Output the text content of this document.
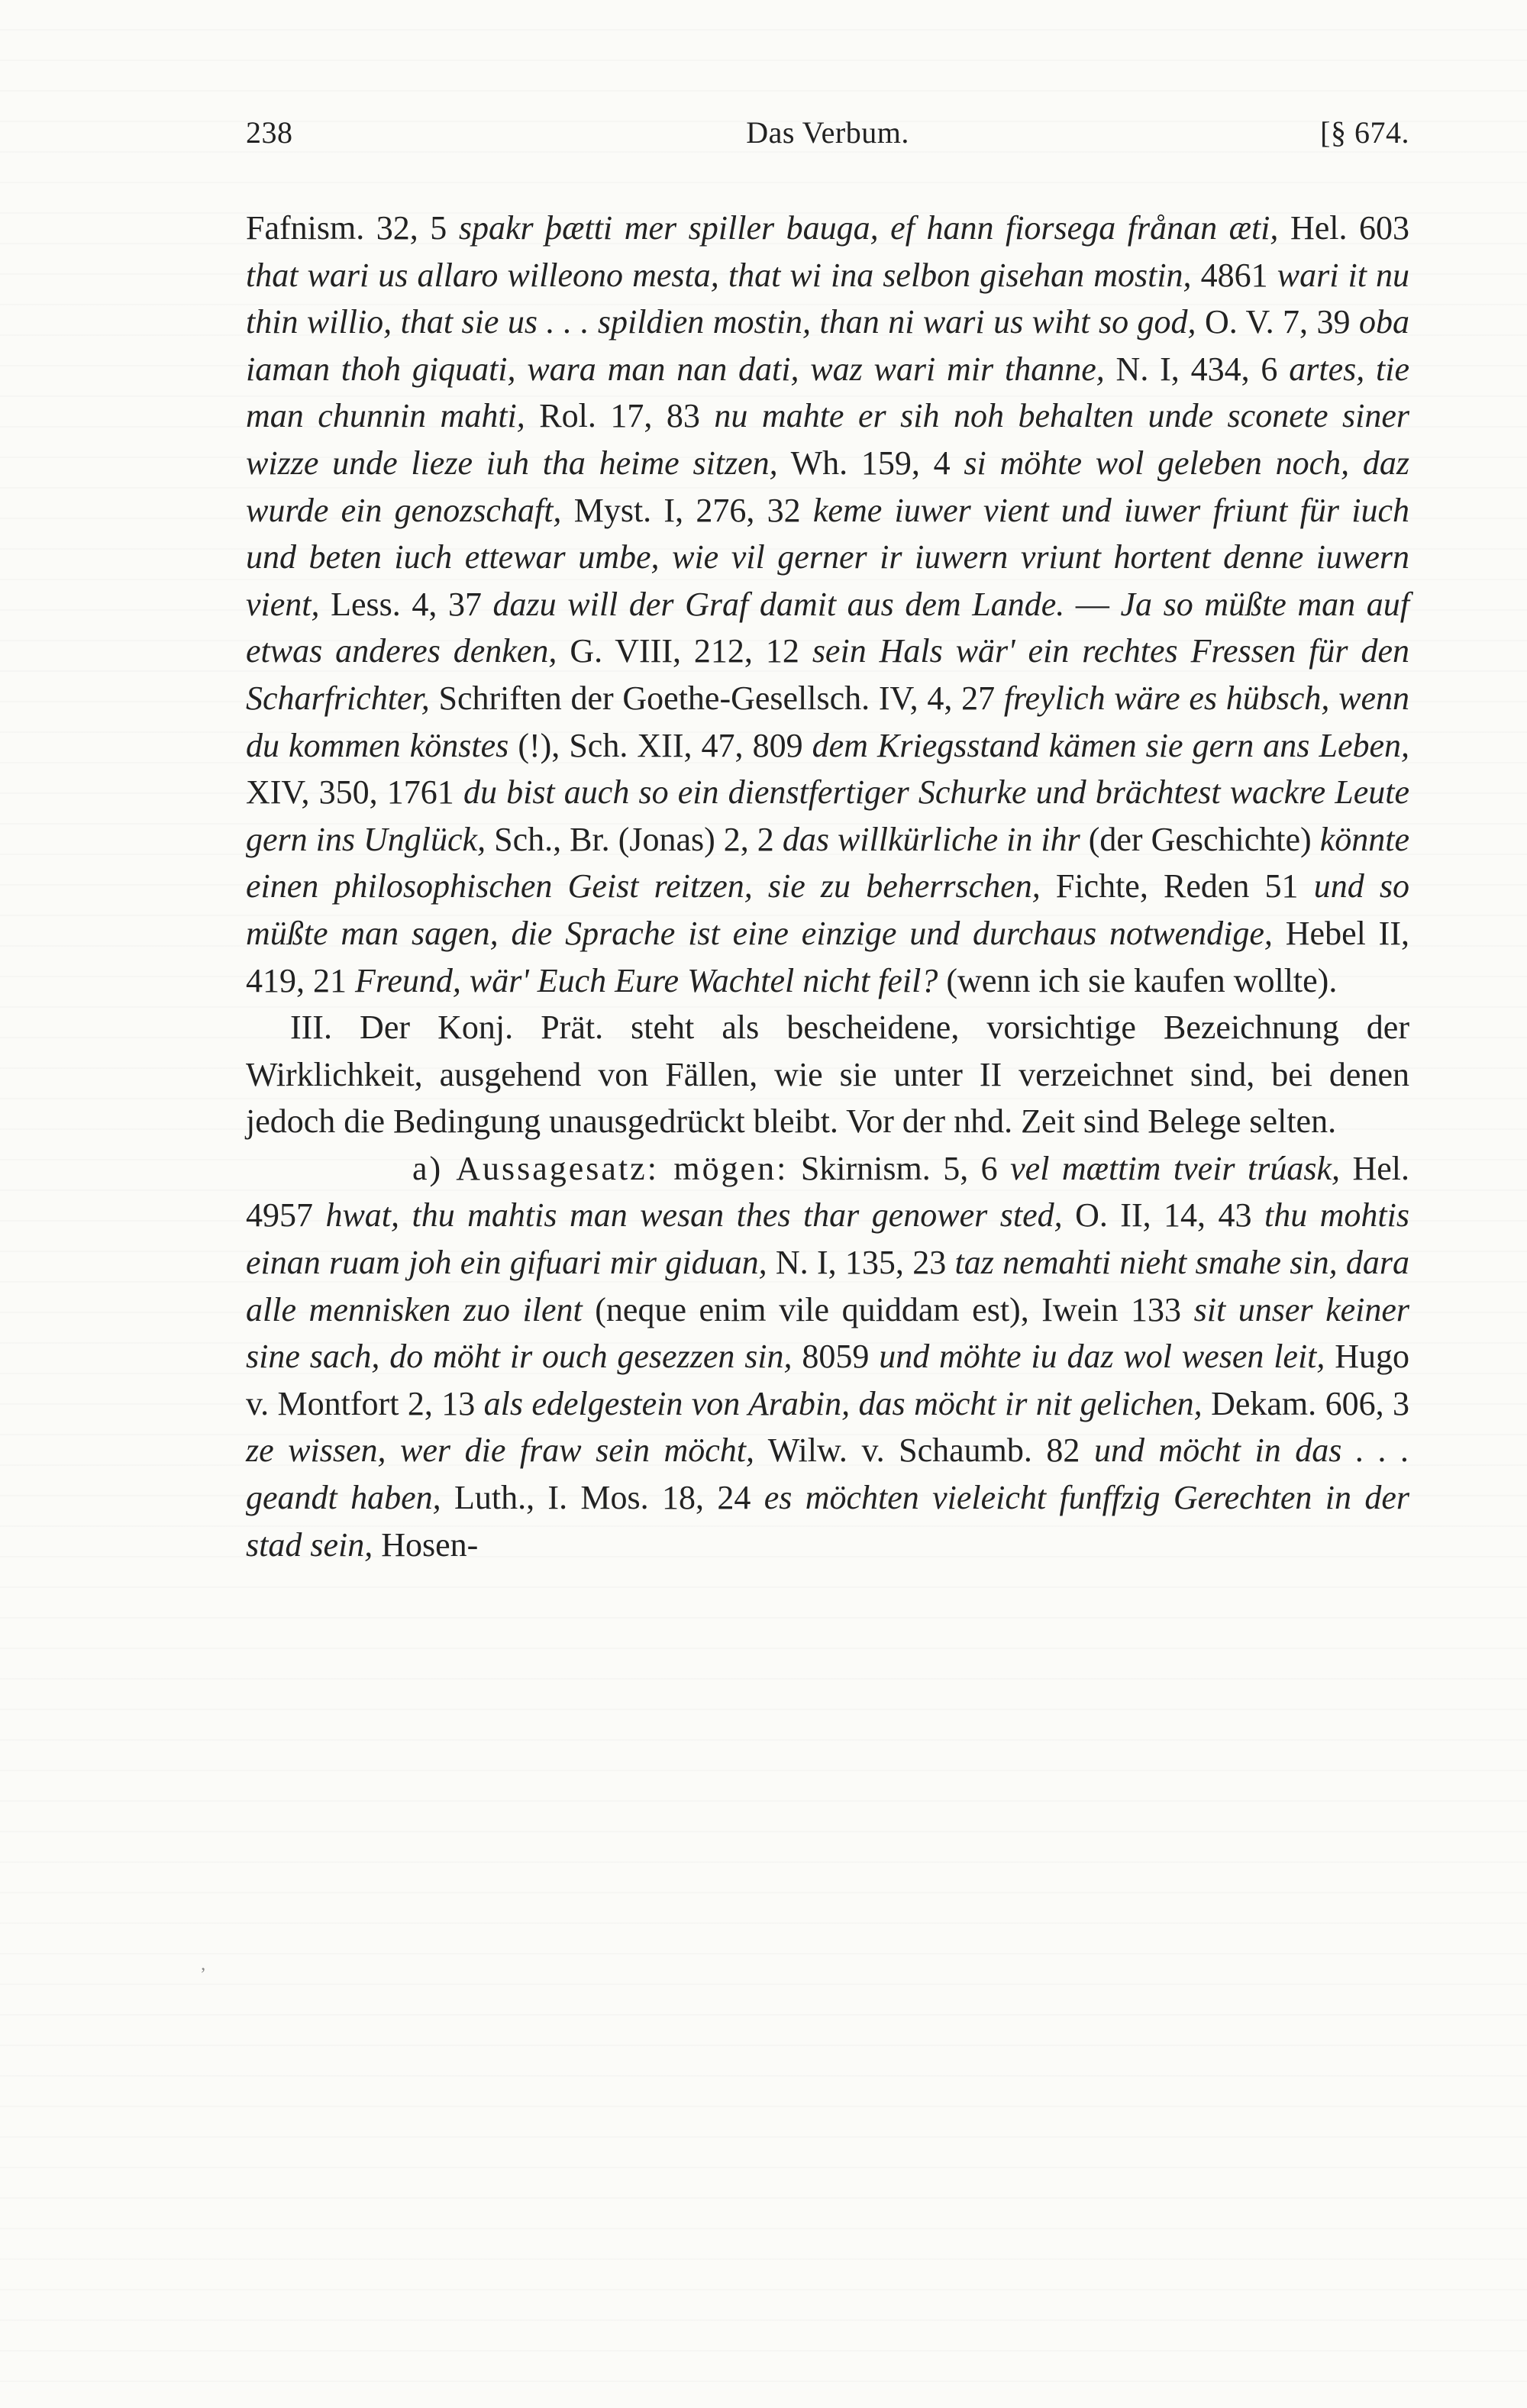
238	Das Verbum.	[§ 674.

Fafnism. 32, 5 spakr þætti mer spiller bauga, ef hann fiorsega frånan æti, Hel. 603 that wari us allaro willeono mesta, that wi ina selbon gisehan mostin, 4861 wari it nu thin willio, that sie us . . . spildien mostin, than ni wari us wiht so god, O. V. 7, 39 oba iaman thoh giquati, wara man nan dati, waz wari mir thanne, N. I, 434, 6 artes, tie man chunnin mahti, Rol. 17, 83 nu mahte er sih noh behalten unde sconete siner wizze unde lieze iuh tha heime sitzen, Wh. 159, 4 si möhte wol geleben noch, daz wurde ein genozschaft, Myst. I, 276, 32 keme iuwer vient und iuwer friunt für iuch und beten iuch ettewar umbe, wie vil gerner ir iuwern vriunt hortent denne iuwern vient, Less. 4, 37 dazu will der Graf damit aus dem Lande. — Ja so müßte man auf etwas anderes denken, G. VIII, 212, 12 sein Hals wär' ein rechtes Fressen für den Scharfrichter, Schriften der Goethe-Gesellsch. IV, 4, 27 freylich wäre es hübsch, wenn du kommen könstes (!), Sch. XII, 47, 809 dem Kriegsstand kämen sie gern ans Leben, XIV, 350, 1761 du bist auch so ein dienstfertiger Schurke und brächtest wackre Leute gern ins Unglück, Sch., Br. (Jonas) 2, 2 das willkürliche in ihr (der Geschichte) könnte einen philosophischen Geist reitzen, sie zu beherrschen, Fichte, Reden 51 und so müßte man sagen, die Sprache ist eine einzige und durchaus notwendige, Hebel II, 419, 21 Freund, wär' Euch Eure Wachtel nicht feil? (wenn ich sie kaufen wollte).

III. Der Konj. Prät. steht als bescheidene, vorsichtige Bezeichnung der Wirklichkeit, ausgehend von Fällen, wie sie unter II verzeichnet sind, bei denen jedoch die Bedingung unausgedrückt bleibt. Vor der nhd. Zeit sind Belege selten.

a) Aussagesatz: mögen: Skirnism. 5, 6 vel mættim tveir trúask, Hel. 4957 hwat, thu mahtis man wesan thes thar genower sted, O. II, 14, 43 thu mohtis einan ruam joh ein gifuari mir giduan, N. I, 135, 23 taz nemahti nieht smahe sin, dara alle mennisken zuo ilent (neque enim vile quiddam est), Iwein 133 sit unser keiner sine sach, do möht ir ouch gesezzen sin, 8059 und möhte iu daz wol wesen leit, Hugo v. Montfort 2, 13 als edelgestein von Arabin, das möcht ir nit gelichen, Dekam. 606, 3 ze wissen, wer die fraw sein möcht, Wilw. v. Schaumb. 82 und möcht in das . . . geandt haben, Luth., I. Mos. 18, 24 es möchten vieleicht funffzig Gerechten in der stad sein, Hosen-

‚
